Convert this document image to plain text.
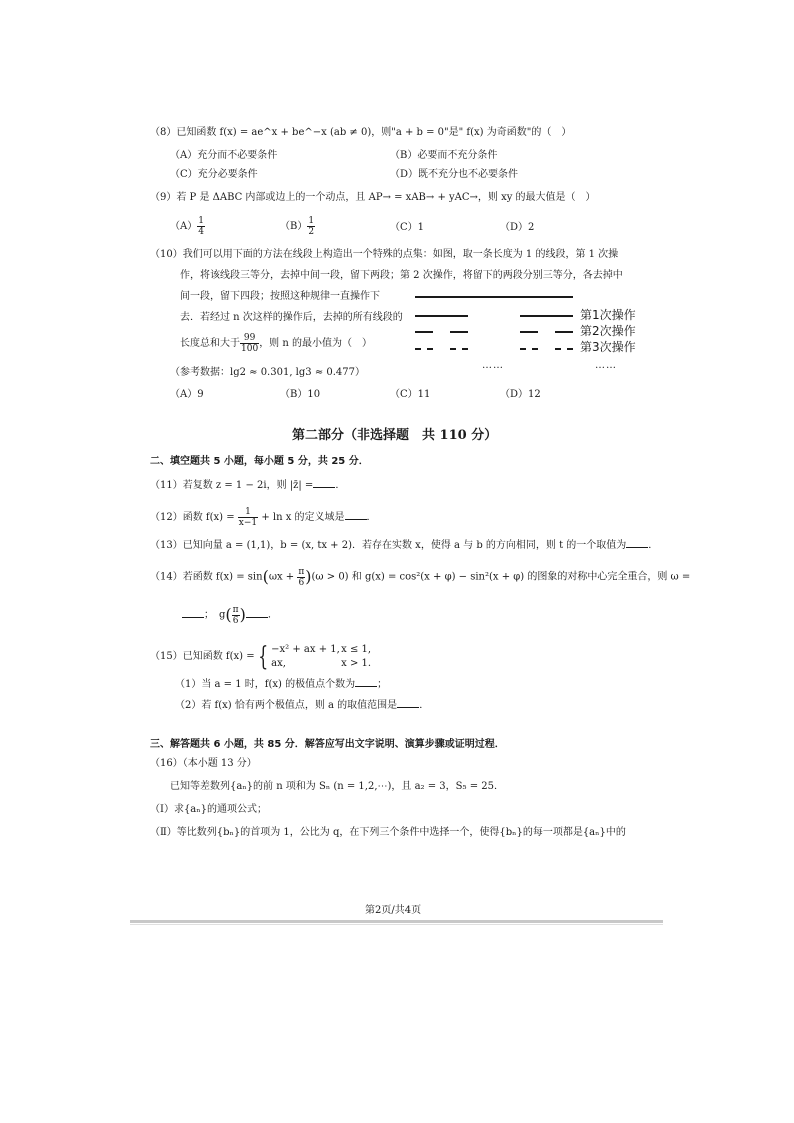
（8）已知函数 f(x) = ae^x + be^−x (ab ≠ 0)，则"a + b = 0"是" f(x) 为奇函数"的（　）
（A）充分而不必要条件	（B）必要而不充分条件
（C）充分必要条件	（D）既不充分也不必要条件
（9）若 P 是 ΔABC 内部或边上的一个动点，且 AP→ = xAB→ + yAC→，则 xy 的最大值是（　）
$(A) \frac{1}{4}$	$(B) \frac{1}{2}$	（C）1	（D）2
（10）我们可以用下面的方法在线段上构造出一个特殊的点集：如图，取一条长度为 1 的线段，第 1 次操
作，将该线段三等分，去掉中间一段，留下两段；第 2 次操作，将留下的两段分别三等分，各去掉中
间一段，留下四段；按照这种规律一直操作下
去．若经过 n 次这样的操作后，去掉的所有线段的
长度总和大于 $\frac{99}{100}$ ，则 n 的最小值为（　）
第1次操作
第2次操作
第3次操作
……	……
（参考数据：lg2 ≈ 0.301, lg3 ≈ 0.477）
（A）9	（B）10	（C）11	（D）12
第二部分（非选择题　共 110 分）
二、填空题共 5 小题，每小题 5 分，共 25 分．
（11）若复数 z = 1 − 2i，则 |z̄| = ．
（12）函数 $f(x) = \frac{1}{x-1} + \ln x$ 的定义域是 ．
（13）已知向量 a = (1,1)，b = (x, tx + 2)．若存在实数 x，使得 a 与 b 的方向相同，则 t 的一个取值为 ．
（14）若函数 $f(x) = \sin(\omega x + \frac{\pi}{6} )(\omega > 0)$ 和 g(x) = cos²(x + φ) − sin²(x + φ) 的图象的对称中心完全重合，则 ω =
；　$g( \frac{\pi}{6}$ ) ．
（15）已知函数 f(x) = { −x² + ax + 1,x ≤ 1,
ax,	x > 1.
（1）当 a = 1 时，f(x) 的极值点个数为 ；
（2）若 f(x) 恰有两个极值点，则 a 的取值范围是 ．
三、解答题共 6 小题，共 85 分．解答应写出文字说明、演算步骤或证明过程．
（16）（本小题 13 分）
已知等差数列{aₙ}的前 n 项和为 Sₙ (n = 1,2,⋯)，且 a₂ = 3，S₅ = 25．
（Ⅰ）求{aₙ}的通项公式；
（Ⅱ）等比数列{bₙ}的首项为 1，公比为 q，在下列三个条件中选择一个，使得{bₙ}的每一项都是{aₙ}中的
第2页/共4页
